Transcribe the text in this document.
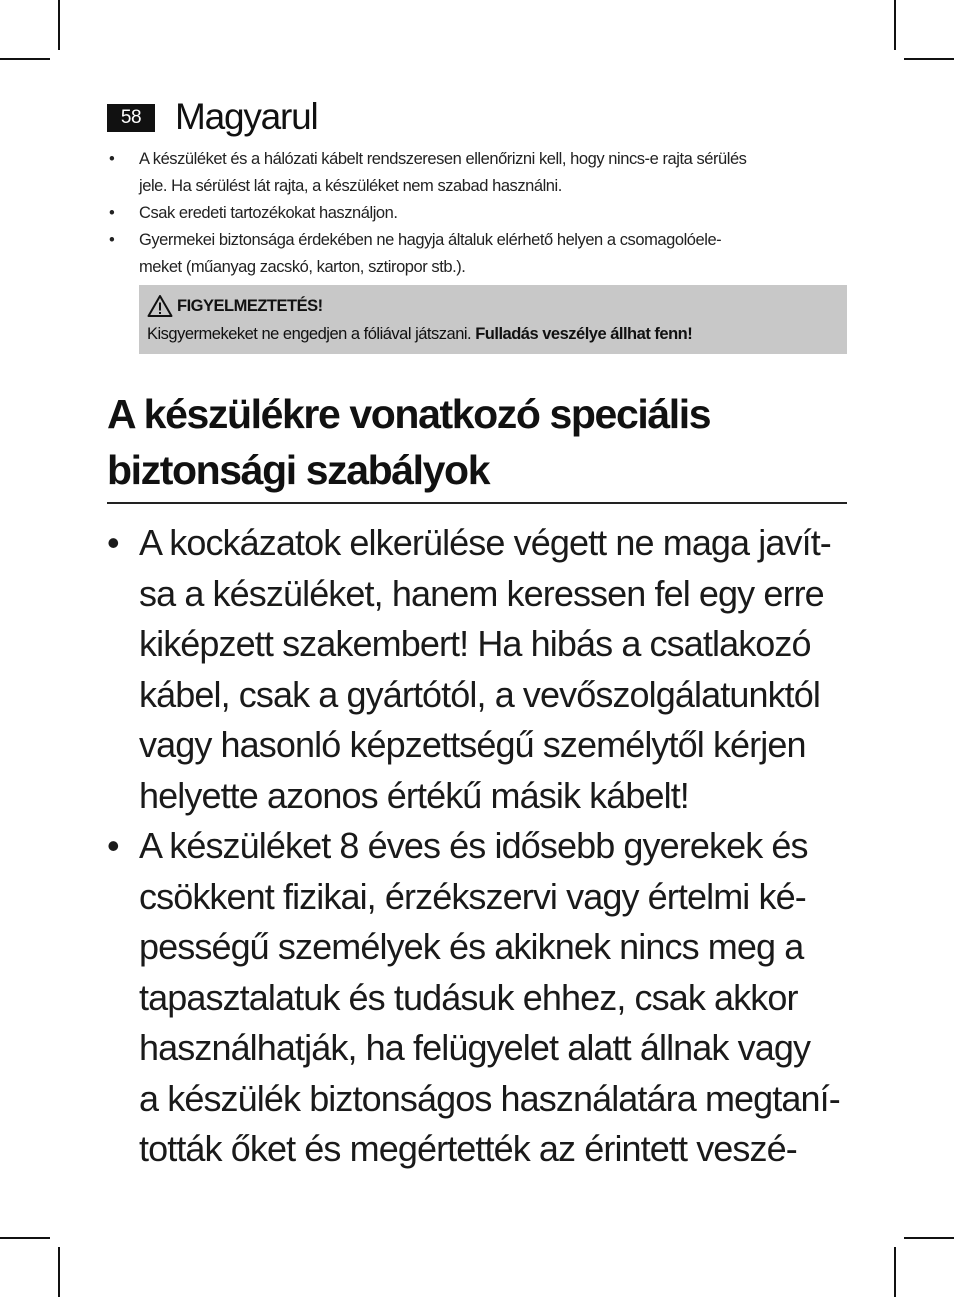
58 Magyarul
• A készüléket és a hálózati kábelt rendszeresen ellenőrizni kell, hogy nincs-e rajta sérülés
jele. Ha sérülést lát rajta, a készüléket nem szabad használni.
• Csak eredeti tartozékokat használjon.
• Gyermekei biztonsága érdekében ne hagyja általuk elérhető helyen a csomagolóele-
meket (műanyag zacskó, karton, sztiropor stb.).
FIGYELMEZTETÉS!
Kisgyermekeket ne engedjen a fóliával játszani. Fulladás veszélye állhat fenn!
A készülékre vonatkozó speciális
biztonsági szabályok
• A kockázatok elkerülése végett ne maga javít-
sa a készüléket, hanem keressen fel egy erre
kiképzett szakembert! Ha hibás a csatlakozó
kábel, csak a gyártótól, a vevőszolgálatunktól
vagy hasonló képzettségű személytől kérjen
helyette azonos értékű másik kábelt!
• A készüléket 8 éves és idősebb gyerekek és
csökkent fizikai, érzékszervi vagy értelmi ké-
pességű személyek és akiknek nincs meg a
tapasztalatuk és tudásuk ehhez, csak akkor
használhatják, ha felügyelet alatt állnak vagy
a készülék biztonságos használatára megtaní-
tották őket és megértették az érintett veszé-
